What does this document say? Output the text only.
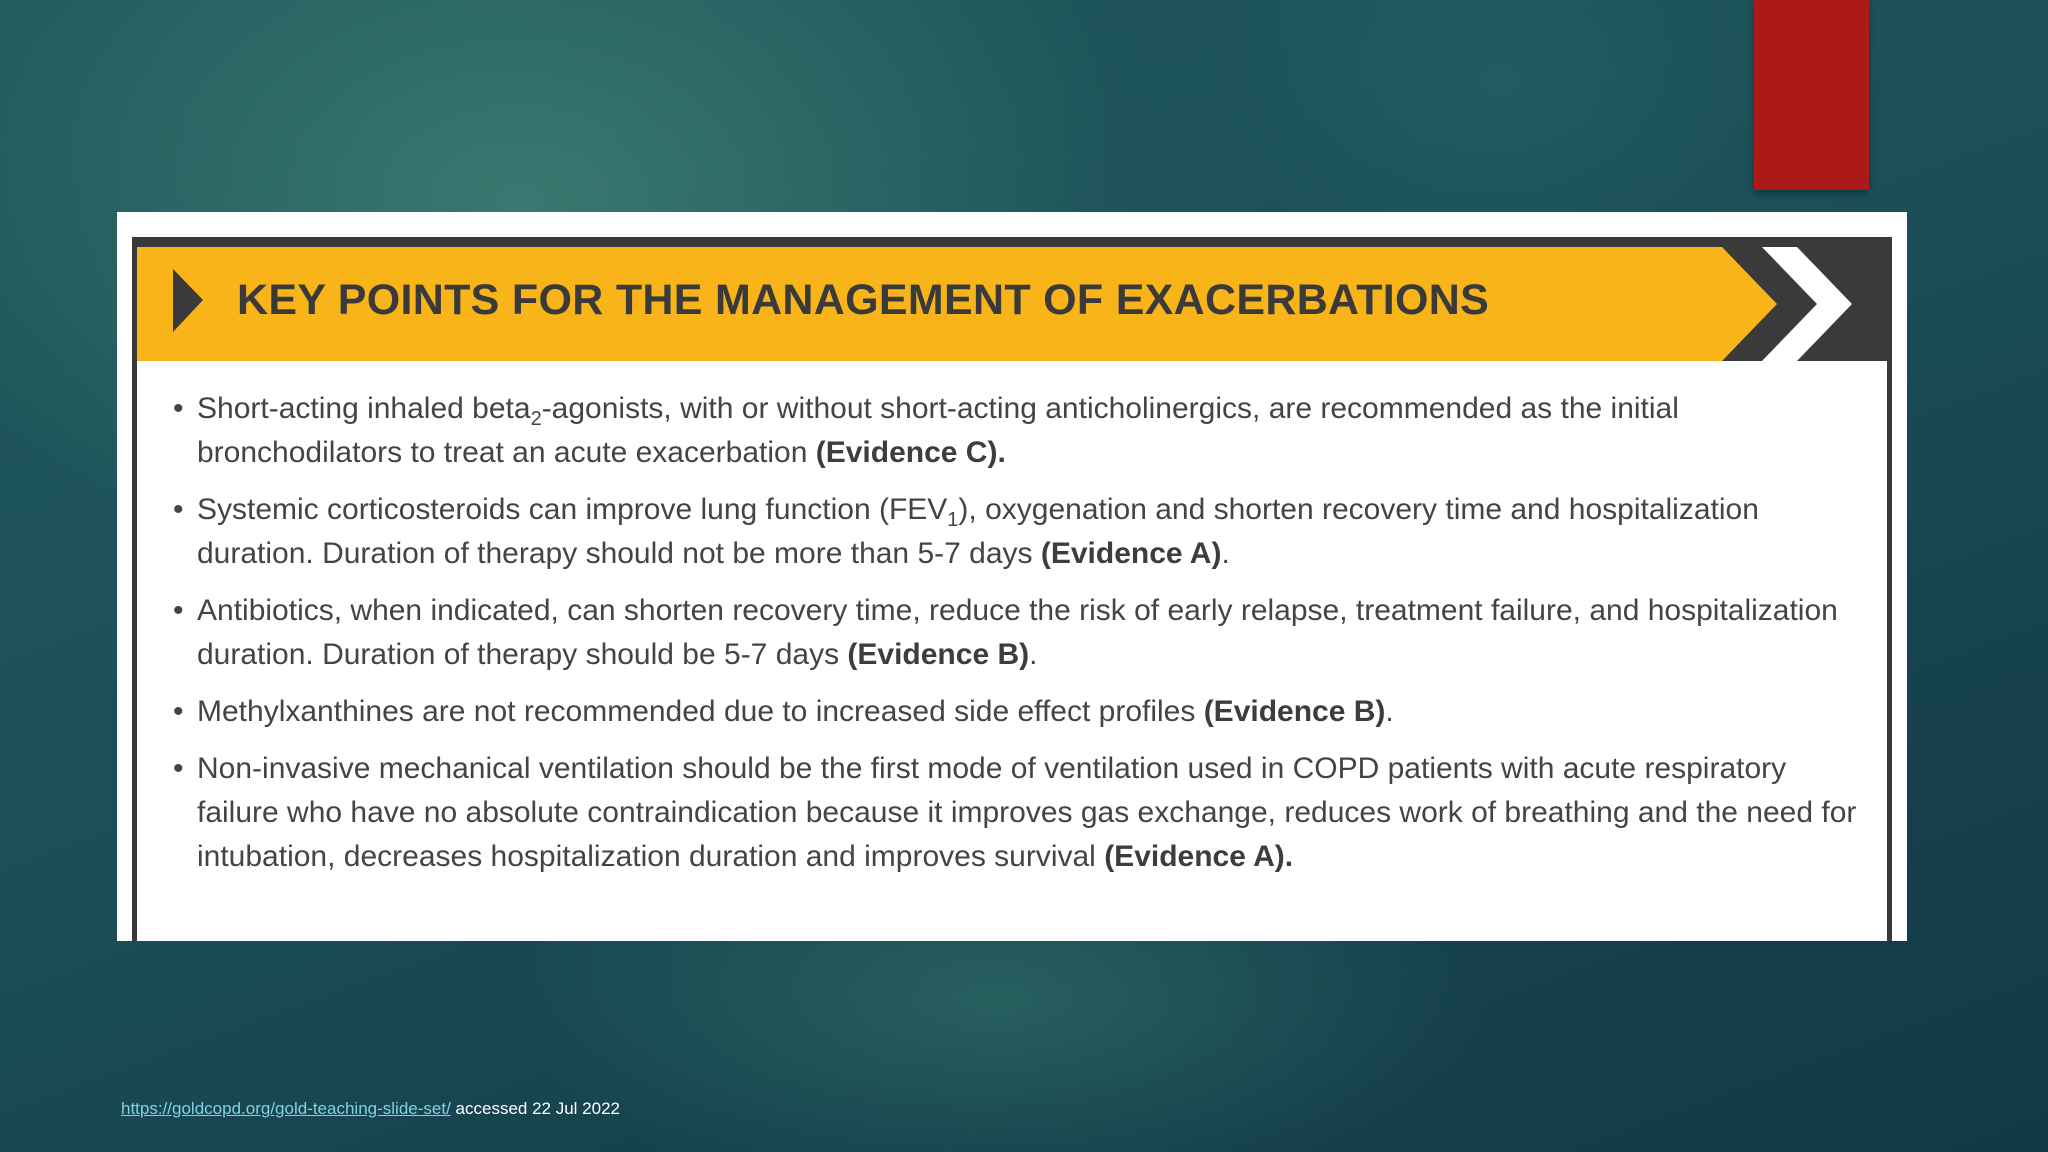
KEY POINTS FOR THE MANAGEMENT OF EXACERBATIONS
• Short-acting inhaled beta$_2$-agonists, with or without short-acting anticholinergics, are recommended as the initial bronchodilators to treat an acute exacerbation (Evidence C).
• Systemic corticosteroids can improve lung function $(FEV_1)$, oxygenation and shorten recovery time and hospitalization duration. Duration of therapy should not be more than 5-7 days (Evidence A).
• Antibiotics, when indicated, can shorten recovery time, reduce the risk of early relapse, treatment failure, and hospitalization duration. Duration of therapy should be 5-7 days (Evidence B).
• Methylxanthines are not recommended due to increased side effect profiles (Evidence B).
• Non-invasive mechanical ventilation should be the first mode of ventilation used in COPD patients with acute respiratory failure who have no absolute contraindication because it improves gas exchange, reduces work of breathing and the need for intubation, decreases hospitalization duration and improves survival (Evidence A).
https://goldcopd.org/gold-teaching-slide-set/ accessed 22 Jul 2022
